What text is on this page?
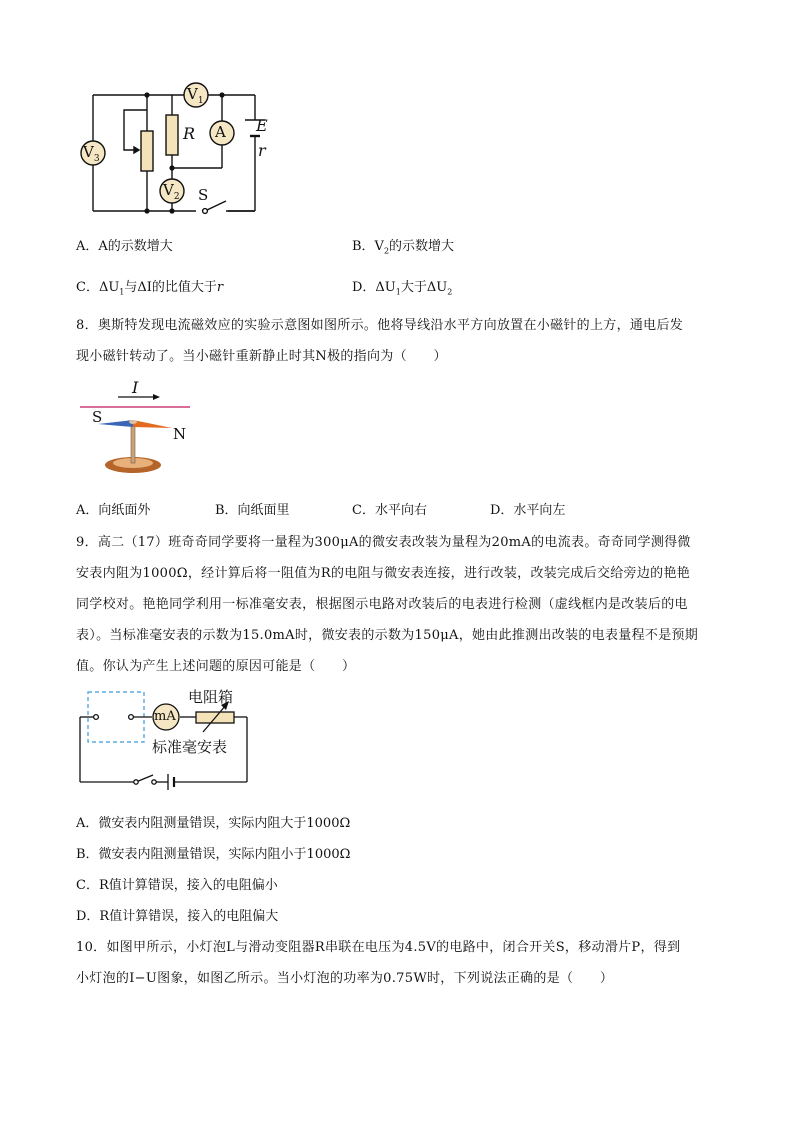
$V_3$
$V_1$
A
$V_2$
R	E
r
S
A．A的示数增大	B．$V_2$的示数增大
C．$\Delta U_1$与ΔI的比值大于r	D．$\Delta U_1$大于$\Delta U_2$
8．奥斯特发现电流磁效应的实验示意图如图所示。他将导线沿水平方向放置在小磁针的上方，通电后发
现小磁针转动了。当小磁针重新静止时其N极的指向为（　　）
I
S
N
A．向纸面外	B．向纸面里	C．水平向右	D．水平向左
9．高二（17）班奇奇同学要将一量程为300μA的微安表改装为量程为20mA的电流表。奇奇同学测得微
安表内阻为1000Ω，经计算后将一阻值为R的电阻与微安表连接，进行改装，改装完成后交给旁边的艳艳
同学校对。艳艳同学利用一标准毫安表，根据图示电路对改装后的电表进行检测（虚线框内是改装后的电
表）。当标准毫安表的示数为15.0mA时，微安表的示数为150μA，她由此推测出改装的电表量程不是预期
值。你认为产生上述问题的原因可能是（　　）
mA
电阻箱
标准毫安表
A．微安表内阻测量错误，实际内阻大于1000Ω
B．微安表内阻测量错误，实际内阻小于1000Ω
C．R值计算错误，接入的电阻偏小
D．R值计算错误，接入的电阻偏大
10．如图甲所示，小灯泡L与滑动变阻器R串联在电压为4.5V的电路中，闭合开关S，移动滑片P，得到
小灯泡的I−U图象，如图乙所示。当小灯泡的功率为0.75W时，下列说法正确的是（　　）
